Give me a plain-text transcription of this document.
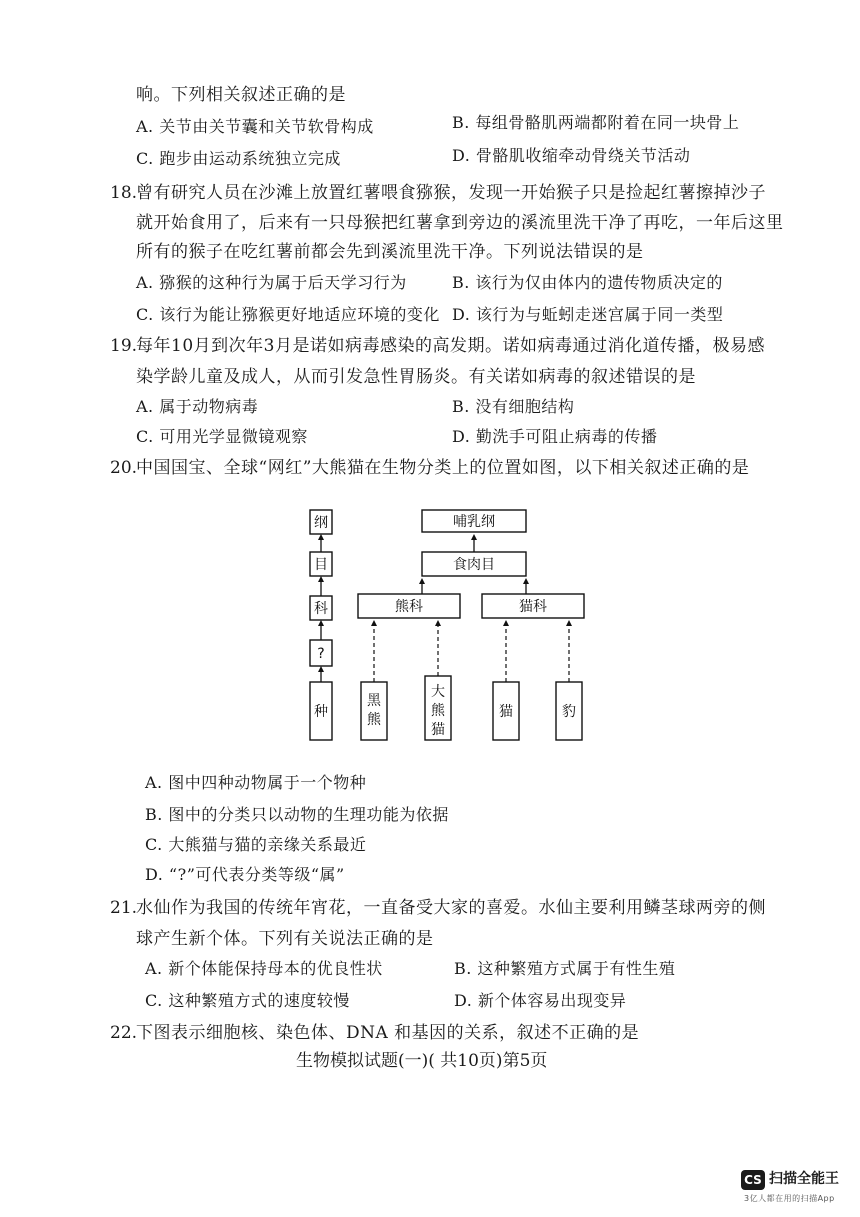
响。下列相关叙述正确的是
A. 关节由关节囊和关节软骨构成	B. 每组骨骼肌两端都附着在同一块骨上
C. 跑步由运动系统独立完成	D. 骨骼肌收缩牵动骨绕关节活动
18.
曾有研究人员在沙滩上放置红薯喂食猕猴，发现一开始猴子只是捡起红薯擦掉沙子
就开始食用了，后来有一只母猴把红薯拿到旁边的溪流里洗干净了再吃，一年后这里
所有的猴子在吃红薯前都会先到溪流里洗干净。下列说法错误的是
A. 猕猴的这种行为属于后天学习行为	B. 该行为仅由体内的遗传物质决定的
C. 该行为能让猕猴更好地适应环境的变化 D. 该行为与蚯蚓走迷宫属于同一类型
19.
每年10月到次年3月是诺如病毒感染的高发期。诺如病毒通过消化道传播，极易感
染学龄儿童及成人，从而引发急性胃肠炎。有关诺如病毒的叙述错误的是
A. 属于动物病毒	B. 没有细胞结构
C. 可用光学显微镜观察	D. 勤洗手可阻止病毒的传播
20.
中国国宝、全球“网红”大熊猫在生物分类上的位置如图，以下相关叙述正确的是
纲
目
科
?
种
哺乳纲
食肉目
熊科	猫科
黑
熊
大
熊
猫
猫	豹
A. 图中四种动物属于一个物种
B. 图中的分类只以动物的生理功能为依据
C. 大熊猫与猫的亲缘关系最近
D. “?”可代表分类等级“属”
21.
水仙作为我国的传统年宵花，一直备受大家的喜爱。水仙主要利用鳞茎球两旁的侧
球产生新个体。下列有关说法正确的是
A. 新个体能保持母本的优良性状	B. 这种繁殖方式属于有性生殖
C. 这种繁殖方式的速度较慢	D. 新个体容易出现变异
22.
下图表示细胞核、染色体、DNA 和基因的关系，叙述不正确的是
生物模拟试题(一)( 共10页)第5页
CS 扫描全能王
3亿人都在用的扫描App
